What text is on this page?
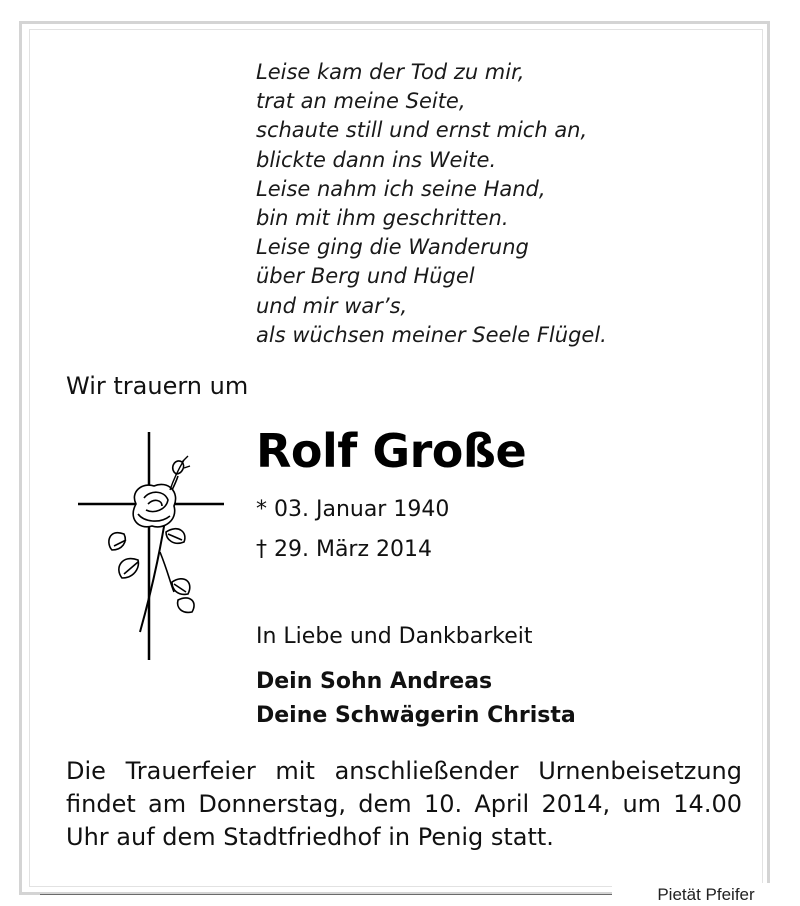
Leise kam der Tod zu mir,
trat an meine Seite,
schaute still und ernst mich an,
blickte dann ins Weite.
Leise nahm ich seine Hand,
bin mit ihm geschritten.
Leise ging die Wanderung
über Berg und Hügel
und mir war’s,
als wüchsen meiner Seele Flügel.
Wir trauern um
Rolf Große
* 03. Januar 1940
† 29. März 2014
In Liebe und Dankbarkeit
Dein Sohn Andreas
Deine Schwägerin Christa
Die Trauerfeier mit anschließender Urnenbeisetzung
findet am Donnerstag, dem 10. April 2014, um 14.00
Uhr auf dem Stadtfriedhof in Penig statt.
Pietät Pfeifer
